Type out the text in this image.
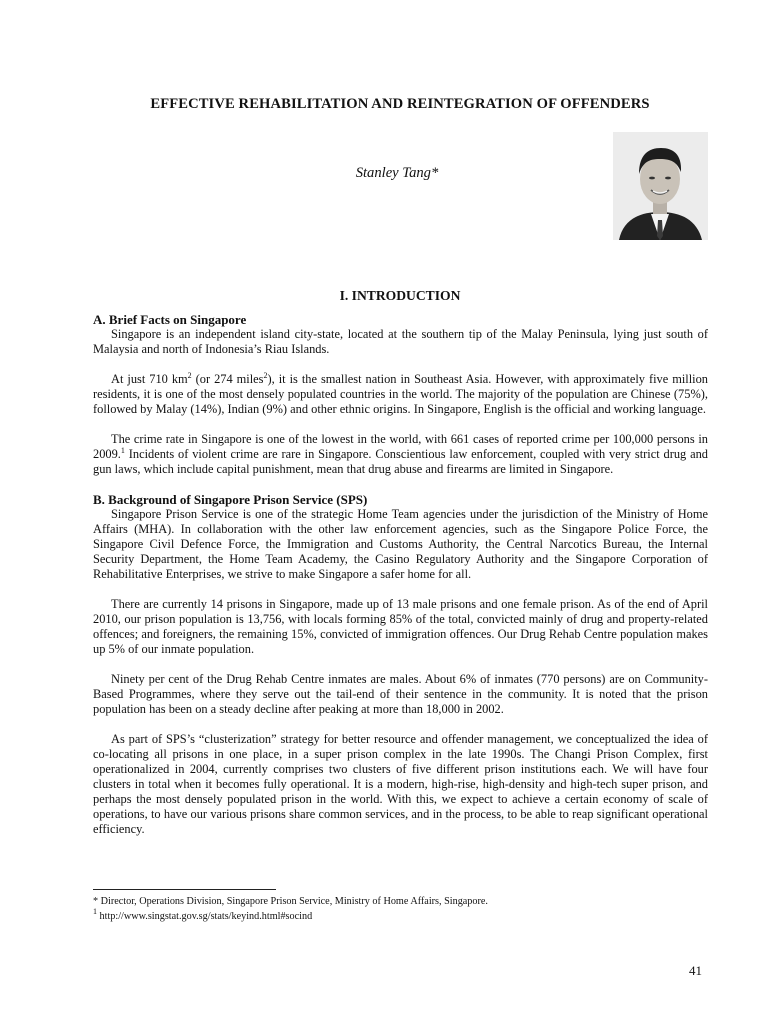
EFFECTIVE REHABILITATION AND REINTEGRATION OF OFFENDERS
Stanley Tang*
I. INTRODUCTION
A. Brief Facts on Singapore

Singapore is an independent island city-state, located at the southern tip of the Malay Peninsula, lying just south of Malaysia and north of Indonesia’s Riau Islands.

At just 710 $km^2$ (or 274 miles$^2$), it is the smallest nation in Southeast Asia. However, with approximately five million residents, it is one of the most densely populated countries in the world. The majority of the population are Chinese (75%), followed by Malay (14%), Indian (9%) and other ethnic origins. In Singapore, English is the official and working language.

The crime rate in Singapore is one of the lowest in the world, with 661 cases of reported crime per 100,000 persons in 2009.$^1$ Incidents of violent crime are rare in Singapore. Conscientious law enforcement, coupled with very strict drug and gun laws, which include capital punishment, mean that drug abuse and firearms are limited in Singapore.

B. Background of Singapore Prison Service (SPS)

Singapore Prison Service is one of the strategic Home Team agencies under the jurisdiction of the Ministry of Home Affairs (MHA). In collaboration with the other law enforcement agencies, such as the Singapore Police Force, the Singapore Civil Defence Force, the Immigration and Customs Authority, the Central Narcotics Bureau, the Internal Security Department, the Home Team Academy, the Casino Regulatory Authority and the Singapore Corporation of Rehabilitative Enterprises, we strive to make Singapore a safer home for all.

There are currently 14 prisons in Singapore, made up of 13 male prisons and one female prison. As of the end of April 2010, our prison population is 13,756, with locals forming 85% of the total, convicted mainly of drug and property-related offences; and foreigners, the remaining 15%, convicted of immigration offences. Our Drug Rehab Centre population makes up 5% of our inmate population.

Ninety per cent of the Drug Rehab Centre inmates are males. About 6% of inmates (770 persons) are on Community-Based Programmes, where they serve out the tail-end of their sentence in the community. It is noted that the prison population has been on a steady decline after peaking at more than 18,000 in 2002.

As part of SPS’s “clusterization” strategy for better resource and offender management, we conceptualized the idea of co-locating all prisons in one place, in a super prison complex in the late 1990s. The Changi Prison Complex, first operationalized in 2004, currently comprises two clusters of five different prison institutions each. We will have four clusters in total when it becomes fully operational. It is a modern, high-rise, high-density and high-tech super prison, and perhaps the most densely populated prison in the world. With this, we expect to achieve a certain economy of scale of operations, to have our various prisons share common services, and in the process, to be able to reap significant operational efficiency.

* Director, Operations Division, Singapore Prison Service, Ministry of Home Affairs, Singapore.
$^1$ http://www.singstat.gov.sg/stats/keyind.html#socind
41
